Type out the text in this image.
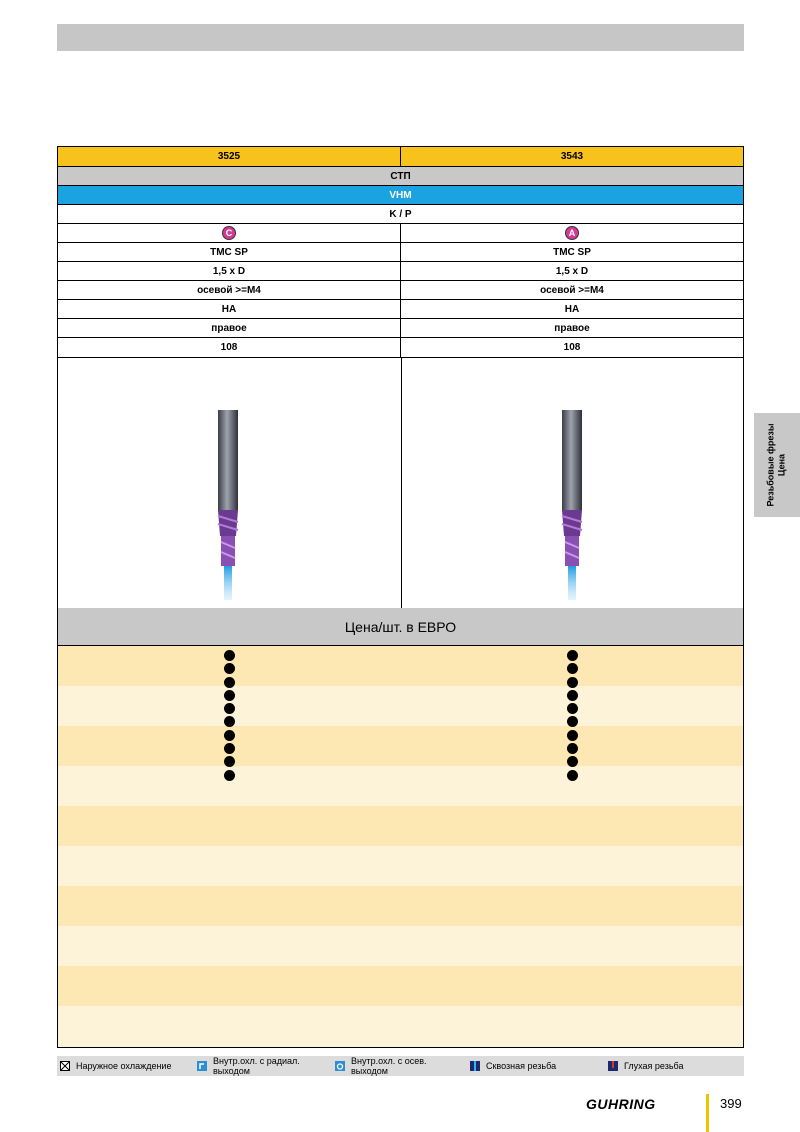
3525	3543
СТП
VHM
K / P
C	A
TMC SP	TMC SP
1,5 x D	1,5 x D
осевой >=M4	осевой >=M4
НА	НА
правое	правое
108	108
Цена/шт. в ЕВРО
Резьбовые фрезы Цена
Наружное охлаждение	Внутр.охл. с радиал. выходом
Внутр.охл. с осев. выходом	Сквозная резьба	Глухая резьба
GUHRING	399
